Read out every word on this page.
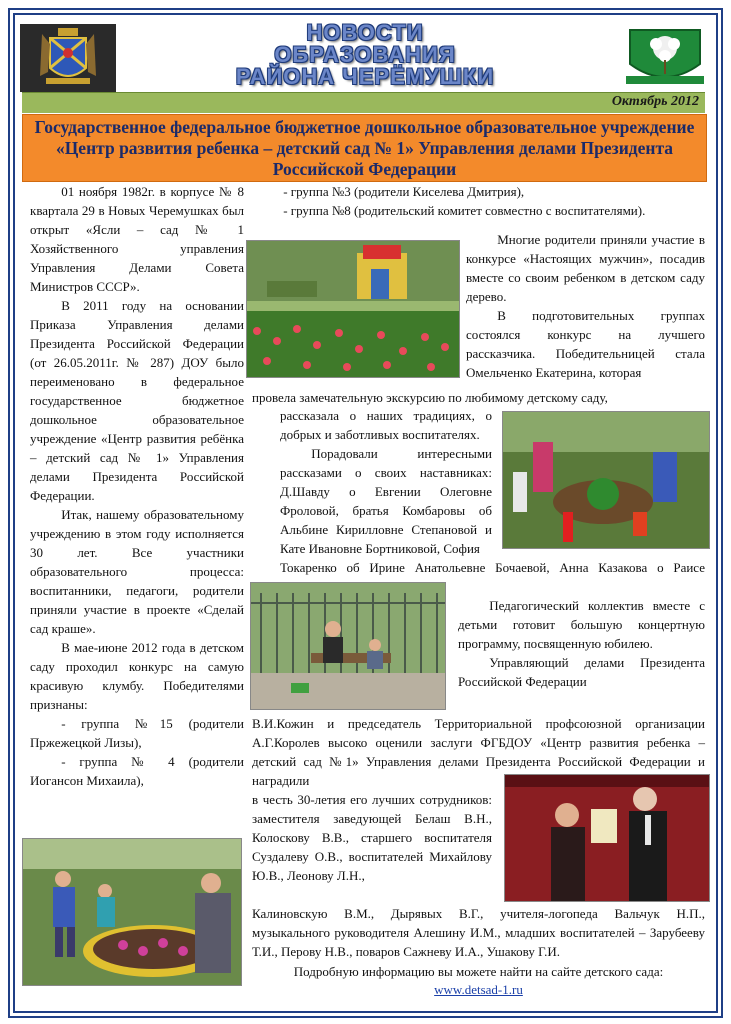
НОВОСТИ
ОБРАЗОВАНИЯ
РАЙОНА ЧЕРЁМУШКИ
Октябрь 2012
Государственное федеральное бюджетное дошкольное образовательное учреждение «Центр развития ребенка – детский сад № 1» Управления делами Президента Российской Федерации

01 ноября 1982г. в корпусе № 8 квартала 29 в Новых Черемушках был открыт «Ясли – сад № 1 Хозяйственного управления Управления Делами Совета Министров СССР».

В 2011 году на основании Приказа Управления делами Президента Российской Федерации (от 26.05.2011г. № 287) ДОУ было переименовано в федеральное государственное бюджетное дошкольное образовательное учреждение «Центр развития ребёнка – детский сад № 1» Управления делами Президента Российской Федерации.

Итак, нашему образовательному учреждению в этом году исполняется 30 лет. Все участники образовательного процесса: воспитанники, педагоги, родители приняли участие в проекте «Сделай сад краше».

В мае-июне 2012 года в детском саду проходил конкурс на самую красивую клумбу. Победителями признаны:

- группа №15 (родители Пржежецкой Лизы),

- группа № 4 (родители Иогансон Михаила),

- группа №3 (родители Киселева Дмитрия),

- группа №8 (родительский комитет совместно с воспитателями).

Многие родители приняли участие в конкурсе «Настоящих мужчин», посадив вместе со своим ребенком в детском саду дерево.

В подготовительных группах состоялся конкурс на лучшего рассказчика. Победительницей стала Омельченко Екатерина, которая

провела замечательную экскурсию по любимому детскому саду,

рассказала о наших традициях, о добрых и заботливых воспитателях.

Порадовали интересными рассказами о своих наставниках: Д.Шавду о Евгении Олеговне Фроловой, братья Комбаровы об Альбине Кирилловне Степановой и Кате Ивановне Бортниковой, София

Токаренко об Ирине Анатольевне Бочаевой, Анна Казакова о Раисе

Педагогический коллектив вместе с детьми готовит большую концертную программу, посвященную юбилею.

Управляющий делами Президента Российской Федерации

В.И.Кожин и председатель Территориальной профсоюзной организации А.Г.Королев высоко оценили заслуги ФГБДОУ «Центр развития ребенка – детский сад №1» Управления делами Президента Российской Федерации и наградили

в честь 30-летия его лучших сотрудников: заместителя заведующей Белаш В.Н., Колоскову В.В., старшего воспитателя Суздалеву О.В., воспитателей Михайлову Ю.В., Леонову Л.Н.,

Калиновскую В.М., Дырявых В.Г., учителя-логопеда Вальчук Н.П., музыкального руководителя Алешину И.М., младших воспитателей – Зарубееву Т.И., Перову Н.В., поваров Сажневу И.А., Ушакову Г.И.

Подробную информацию вы можете найти на сайте детского сада:
www.detsad-1.ru
